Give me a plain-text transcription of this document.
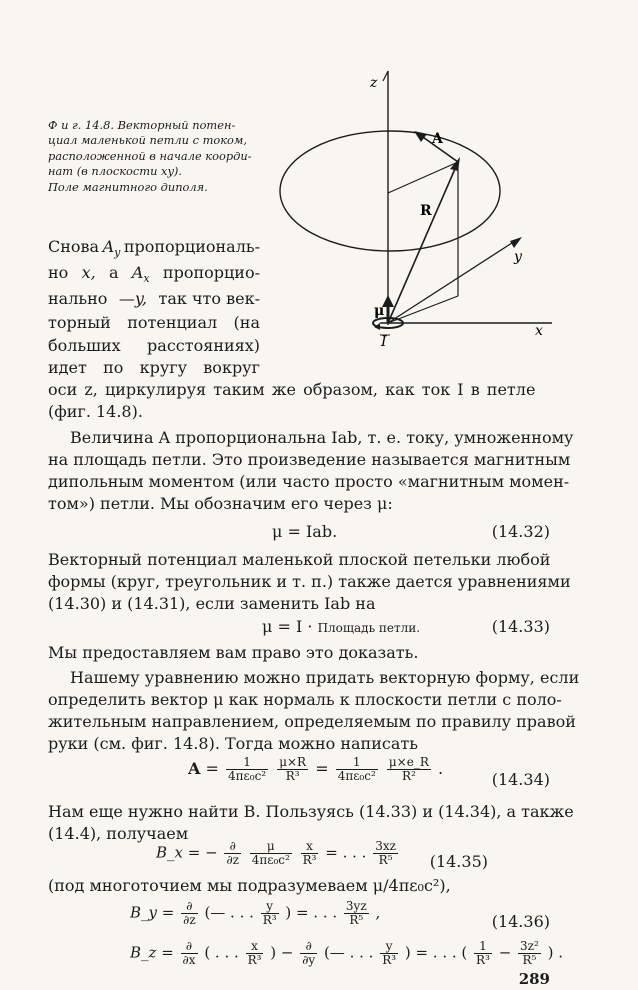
Ф и г. 14.8. Векторный потен-
циал маленькой петли с током,
расположенной в начале коорди-
нат (в плоскости xy).
Поле магнитного диполя.
z
x
y
R
A
μ
I
Снова $A_y$ пропорциональ-
но x, а $A_x$ пропорцио-
нально —y, так что век-
торный потенциал (на
больших расстояниях)
идет по кругу вокруг
оси z, циркулируя таким же образом, как ток I в петле
(фиг. 14.8).
Величина A пропорциональна Iab, т. е. току, умноженному
на площадь петли. Это произведение называется магнитным
дипольным моментом (или часто просто «магнитным момен-
том») петли. Мы обозначим его через μ:
μ = Iab.	(14.32)
Векторный потенциал маленькой плоской петельки любой
формы (круг, треугольник и т. п.) также дается уравнениями
(14.30) и (14.31), если заменить Iab на
μ = I · Площадь петли.	(14.33)
Мы предоставляем вам право это доказать.
Нашему уравнению можно придать векторную форму, если
определить вектор μ как нормаль к плоскости петли с поло-
жительным направлением, определяемым по правилу правой
руки (см. фиг. 14.8). Тогда можно написать
$A = \frac{1}{\text{4πε₀c²}}$
$\frac{\mu\times R}{\text{R³}} = \frac{1}{\text{4πε₀c²}}$
$\frac{\mu\times e\_R}{\text{R²}}$ .
(14.34)
Нам еще нужно найти B. Пользуясь (14.33) и (14.34), а также
(14.4), получаем
B_x = − $\frac{\partial}{\partial z}$
$\frac{\mu}{\text{4πε₀c²}}$
$\frac{x}{\text{R³}}$ = . . . $\frac{3xz}{\text{R⁵}} (14.35)$
(под многоточием мы подразумеваем μ/4πε₀c²),
B_y = $\frac{\partial}{\partial z}$ (— . . . $\frac{y}{\text{R³}}$ ) = . . . $\frac{3yz}{\text{R⁵}}$ ,	(14.36)
B_z = $\frac{\partial}{\partial x}$ ( . . . $\frac{x}{\text{R³}}$ ) − $\frac{\partial}{\partial y}$ (— . . . $\frac{y}{\text{R³}}$ ) = . . . ( $\frac{1}{\text{R³}} - \frac{\text{3z²}}{\text{R⁵}}$ ) .
289
